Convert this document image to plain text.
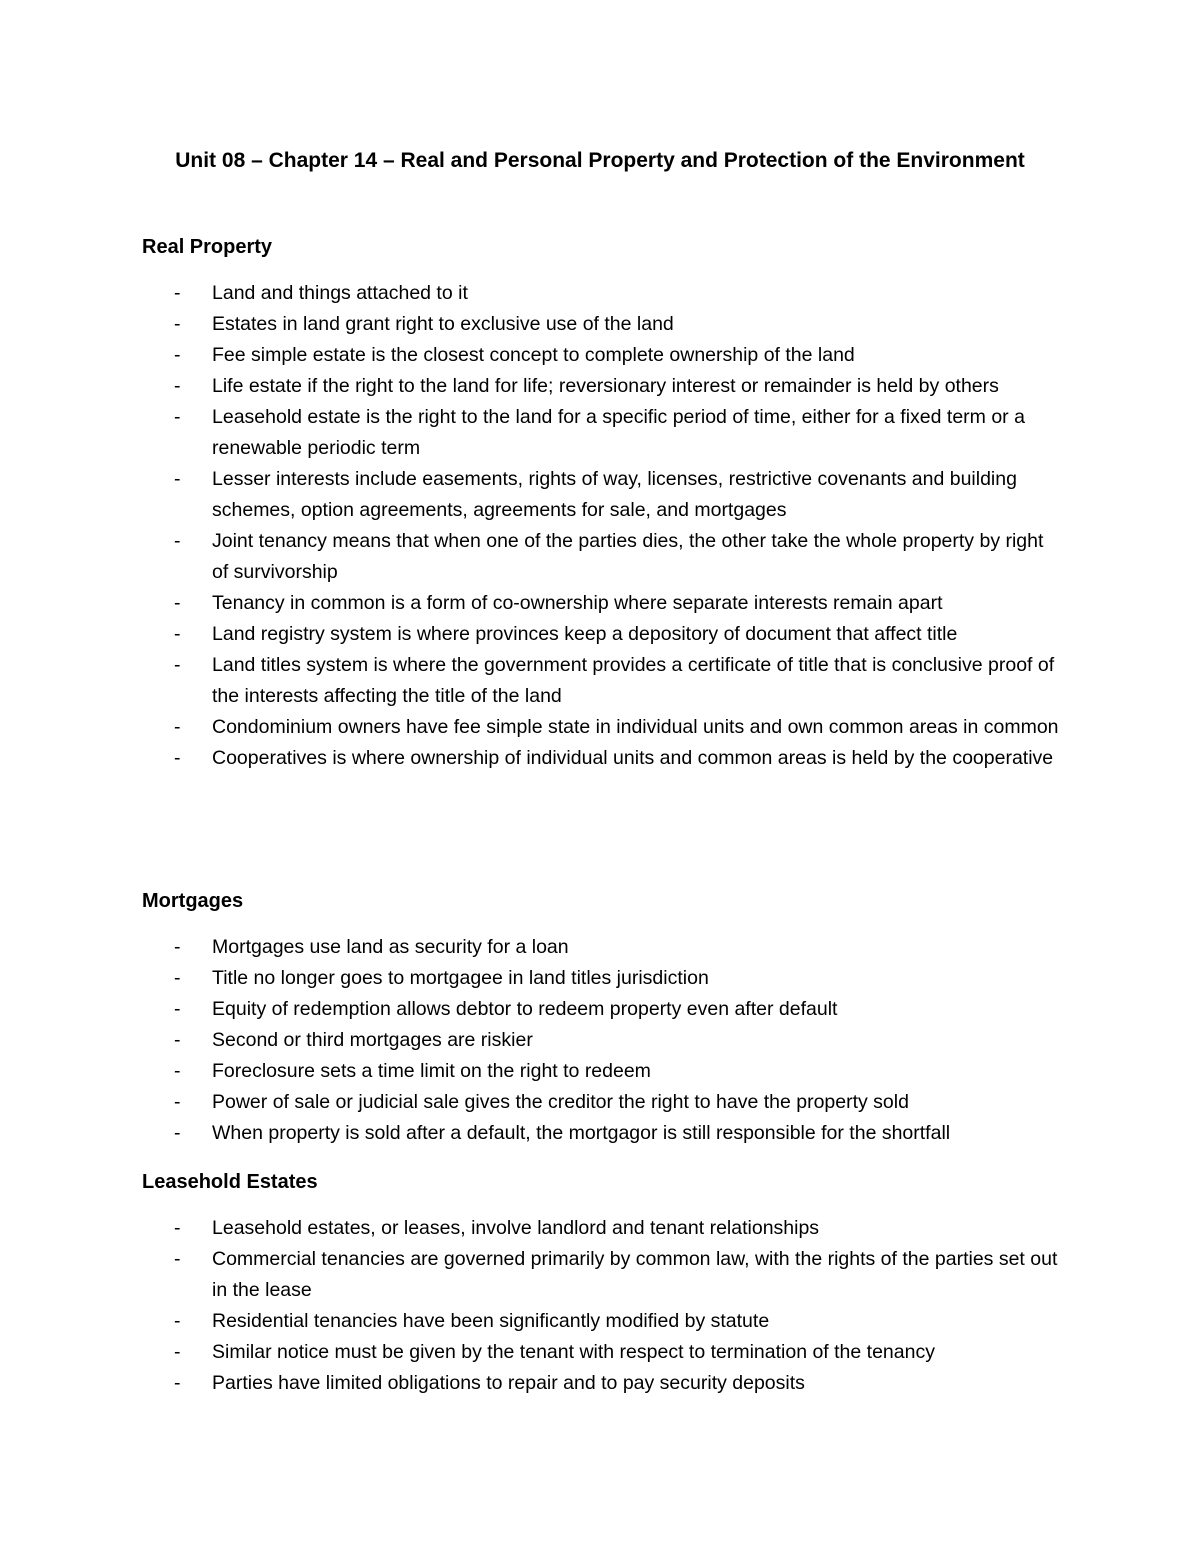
Unit 08 – Chapter 14 – Real and Personal Property and Protection of the Environment
Real Property
- Land and things attached to it
- Estates in land grant right to exclusive use of the land
- Fee simple estate is the closest concept to complete ownership of the land
- Life estate if the right to the land for life; reversionary interest or remainder is held by others
- Leasehold estate is the right to the land for a specific period of time, either for a fixed term or a renewable periodic term
- Lesser interests include easements, rights of way, licenses, restrictive covenants and building schemes, option agreements, agreements for sale, and mortgages
- Joint tenancy means that when one of the parties dies, the other take the whole property by right of survivorship
- Tenancy in common is a form of co-ownership where separate interests remain apart
- Land registry system is where provinces keep a depository of document that affect title
- Land titles system is where the government provides a certificate of title that is conclusive proof of the interests affecting the title of the land
- Condominium owners have fee simple state in individual units and own common areas in common
- Cooperatives is where ownership of individual units and common areas is held by the cooperative
Mortgages
- Mortgages use land as security for a loan
- Title no longer goes to mortgagee in land titles jurisdiction
- Equity of redemption allows debtor to redeem property even after default
- Second or third mortgages are riskier
- Foreclosure sets a time limit on the right to redeem
- Power of sale or judicial sale gives the creditor the right to have the property sold
- When property is sold after a default, the mortgagor is still responsible for the shortfall
Leasehold Estates
- Leasehold estates, or leases, involve landlord and tenant relationships
- Commercial tenancies are governed primarily by common law, with the rights of the parties set out in the lease
- Residential tenancies have been significantly modified by statute
- Similar notice must be given by the tenant with respect to termination of the tenancy
- Parties have limited obligations to repair and to pay security deposits
